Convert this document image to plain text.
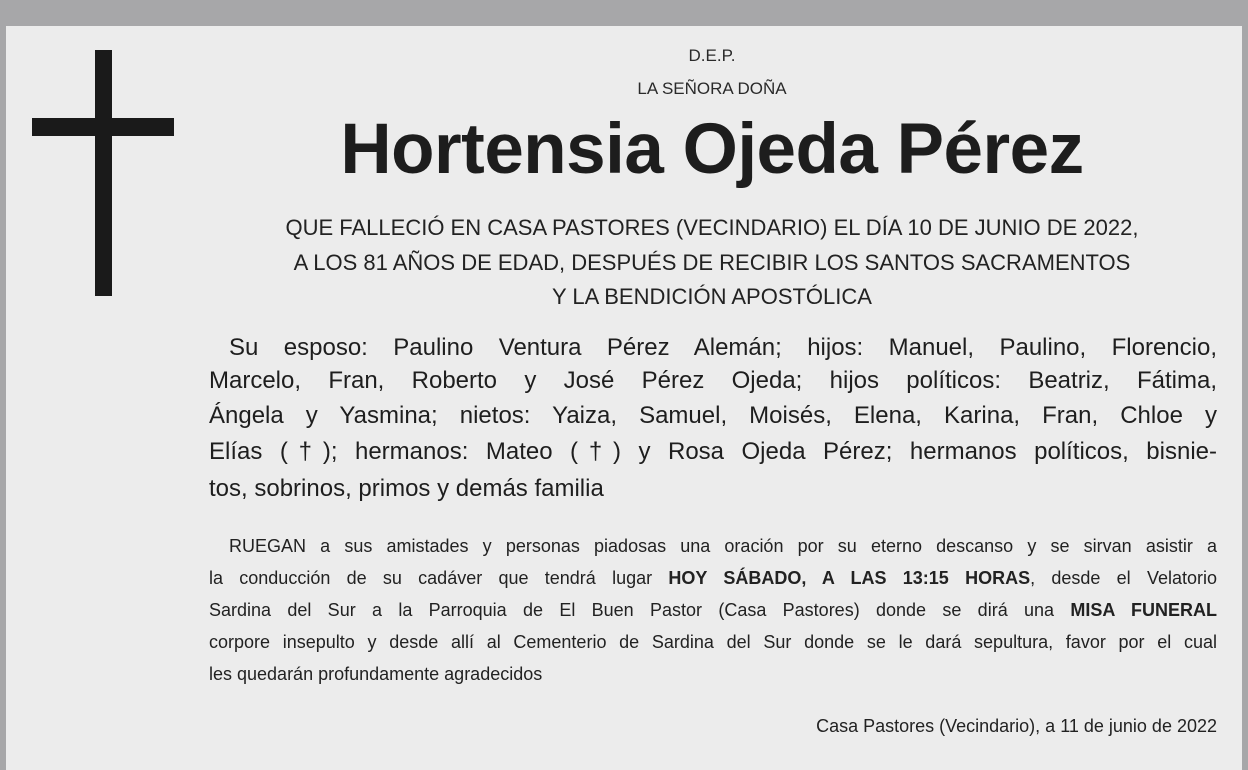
D.E.P.
LA SEÑORA DOÑA
Hortensia Ojeda Pérez
QUE FALLECIÓ EN CASA PASTORES (VECINDARIO) EL DÍA 10 DE JUNIO DE 2022,
A LOS 81 AÑOS DE EDAD, DESPUÉS DE RECIBIR LOS SANTOS SACRAMENTOS
Y LA BENDICIÓN APOSTÓLICA
Su esposo: Paulino Ventura Pérez Alemán; hijos: Manuel, Paulino, Florencio,
Marcelo, Fran, Roberto y José Pérez Ojeda; hijos políticos: Beatriz, Fátima,
Ángela y Yasmina; nietos: Yaiza, Samuel, Moisés, Elena, Karina, Fran, Chloe y
Elías (†); hermanos: Mateo (†) y Rosa Ojeda Pérez; hermanos políticos, bisnie-
tos, sobrinos, primos y demás familia
RUEGAN a sus amistades y personas piadosas una oración por su eterno descanso y se sirvan asistir a
la conducción de su cadáver que tendrá lugar HOY SÁBADO, A LAS 13:15 HORAS, desde el Velatorio
Sardina del Sur a la Parroquia de El Buen Pastor (Casa Pastores) donde se dirá una MISA FUNERAL
corpore insepulto y desde allí al Cementerio de Sardina del Sur donde se le dará sepultura, favor por el cual
les quedarán profundamente agradecidos
Casa Pastores (Vecindario), a 11 de junio de 2022
